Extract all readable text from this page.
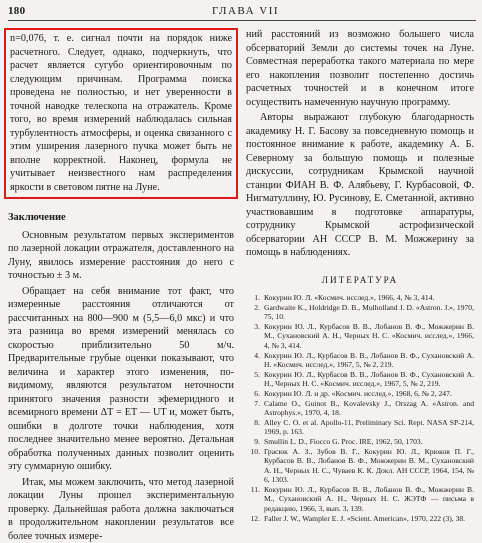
180	ГЛАВА VII

n=0,076, т. е. сигнал почти на порядок ниже расчетного. Следует, однако, подчеркнуть, что расчет является сугубо ориентировочным по следующим причинам. Программа поиска проведена не полностью, и нет уверенности в точной наводке телескопа на отражатель. Кроме того, во время измерений наблюдалась сильная турбулентность атмосферы, и оценка связанного с этим уширения лазерного пучка может быть не вполне корректной. Наконец, формула не учитывает неизвестного нам распределения яркости в световом пятне на Луне.

Заключение

Основным результатом первых экспериментов по лазерной локации отражателя, доставленного на Луну, явилось измерение расстояния до него с точностью ± 3 м.

Обращает на себя внимание тот факт, что измеренные расстояния отличаются от рассчитанных на 800—900 м (5,5—6,0 мкс) и что эта разница во время измерений менялась со скоростью приблизительно 50 м/ч. Предварительные грубые оценки показывают, что величина и характер этого изменения, по-видимому, являются результатом неточности принятого значения разности эфемеридного и всемирного времени ΔT = ET — UT и, может быть, ошибки в долготе точки наблюдения, хотя последнее значительно менее вероятно. Детальная обработка полученных данных позволит оценить эту суммарную ошибку.

Итак, мы можем заключить, что метод лазерной локации Луны прошел экспериментальную проверку. Дальнейшая работа должна заключаться в продолжительном накоплении результатов все более точных измере-

ний расстояний из возможно большего числа обсерваторий Земли до системы точек на Луне. Совместная переработка такого материала по мере его накопления позволит постепенно достичь расчетных точностей и в конечном итоге осуществить намеченную научную программу.

Авторы выражают глубокую благодарность академику Н. Г. Басову за повседневную помощь и постоянное внимание к работе, академику А. Б. Северному за большую помощь и полезные дискуссии, сотрудникам Крымской научной станции ФИАН В. Ф. Алябьеву, Г. Курбасовой, Ф. Нигматуллину, Ю. Русинову, Е. Сметанной, активно участвовавшим в подготовке аппаратуры, сотруднику Крымской астрофизической обсерватории АН СССР В. М. Можжерину за помощь в наблюдениях.

ЛИТЕРАТУРА
1. Кокурин Ю. Л. «Космич. исслед.», 1966, 4, № 3, 414.
2. Gardwaite K., Holdridge D. B., Mulholland J. D. «Astron. J.», 1970, 75, 10.
3. Кокурин Ю. Л., Курбасов В. В., Лобанов В. Ф., Можжерин В. М., Сухановский А. Н., Черных Н. С. «Космич. исслед.», 1966, 4, № 3, 414.
4. Кокурин Ю. Л., Курбасов В. В., Лобанов В. Ф., Сухановский А. Н. «Космич. исслед.», 1967, 5, № 2, 219.
5. Кокурин Ю. Л., Курбасов В. В., Лобанов В. Ф., Сухановский А. Н., Черных Н. С. «Космич. исслед.», 1967, 5, № 2, 219.
6. Кокурин Ю. Л. и др. «Космич. исслед.», 1968, 6, № 2, 247.
7. Calame O., Guinot B., Kovalevsky J., Orszag A. «Astron. and Astrophys.», 1970, 4, 18.
8. Alley C. O. et al. Apollo-11, Preliminary Sci. Rept. NASA SP-214, 1969, p. 163.
9. Smullin L. D., Fiocco G. Proc. IRE, 1962, 50, 1703.
10. Грасюк А. З., Зубов В. Г., Кокурин Ю. Л., Крюков П. Г., Курбасов В. В., Лобанов В. Ф., Можжерин В. М., Сухановский А. Н., Черных Н. С., Чуваев К. К. Докл. АН СССР, 1964, 154, № 6, 1303.
11. Кокурин Ю. Л., Курбасов В. В., Лобанов В. Ф., Можжерин В. М., Сухановский А. Н., Черных Н. С. ЖЭТФ — письма в редакцию, 1966, 3, вып. 3, 139.
12. Faller J. W., Wampler E. J. «Scient. American», 1970, 222 (3), 38.
